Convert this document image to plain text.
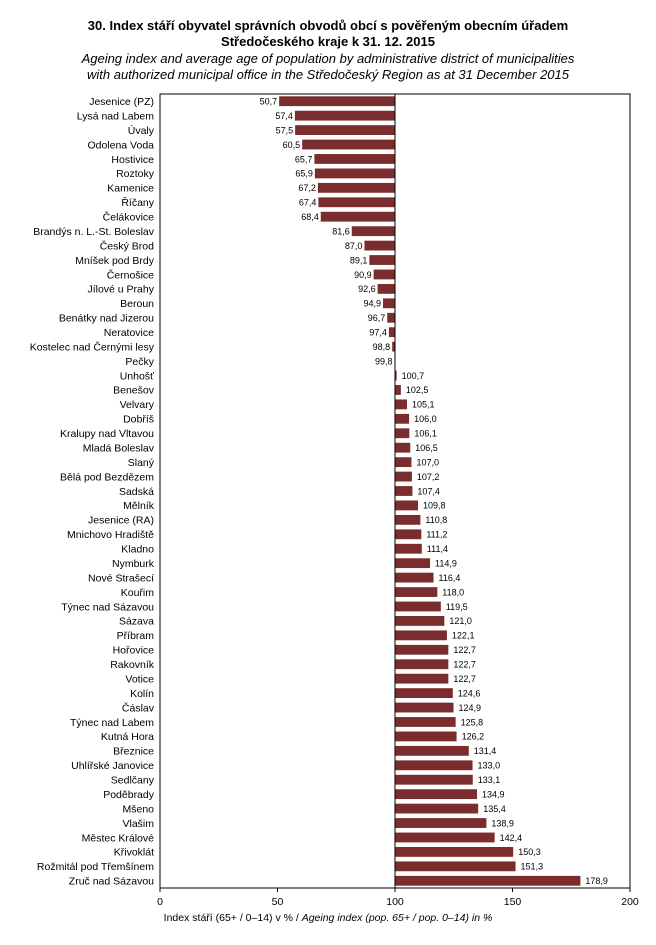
30. Index stáří obyvatel správních obvodů obcí s pověřeným obecním úřadem
Středočeského kraje k 31. 12. 2015
Ageing index and average age of population by administrative district of municipalities
with authorized municipal office in the Středočeský Region as at 31 December 2015
Jesenice (PZ)	50,7
Lysá nad Labem	57,4
Úvaly	57,5
Odolena Voda	60,5
Hostivice	65,7
Roztoky	65,9
Kamenice	67,2
Říčany	67,4
Čelákovice	68,4
Brandýs n. L.-St. Boleslav	81,6
Český Brod	87,0
Mníšek pod Brdy	89,1
Černošice	90,9
Jílové u Prahy	92,6
Beroun	94,9
Benátky nad Jizerou	96,7
Neratovice	97,4
Kostelec nad Černými lesy	98,8
Pečky	99,8
Unhošť	100,7
Benešov	102,5
Velvary	105,1
Dobříš	106,0
Kralupy nad Vltavou	106,1
Mladá Boleslav	106,5
Slaný	107,0
Bělá pod Bezdězem	107,2
Sadská	107,4
Mělník	109,8
Jesenice (RA)	110,8
Mnichovo Hradiště	111,2
Kladno	111,4
Nymburk	114,9
Nové Strašecí	116,4
Kouřim	118,0
Týnec nad Sázavou	119,5
Sázava	121,0
Příbram	122,1
Hořovice	122,7
Rakovník	122,7
Votice	122,7
Kolín	124,6
Čáslav	124,9
Týnec nad Labem	125,8
Kutná Hora	126,2
Březnice	131,4
Uhlířské Janovice	133,0
Sedlčany	133,1
Poděbrady	134,9
Mšeno	135,4
Vlašim	138,9
Městec Králové	142,4
Křivoklát	150,3
Rožmitál pod Třemšínem	151,3
Zruč nad Sázavou	178,9
0	50	100	150	200
Index stáří (65+ / 0–14) v % / Ageing index (pop. 65+ / pop. 0–14) in %
